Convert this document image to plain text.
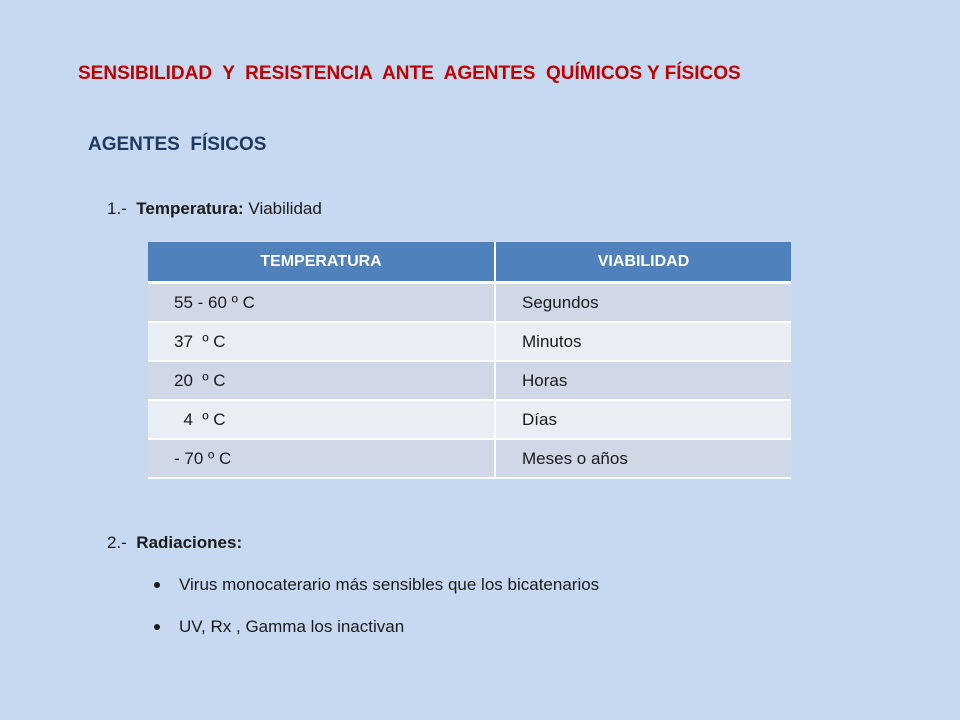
SENSIBILIDAD  Y  RESISTENCIA  ANTE  AGENTES  QUÍMICOS Y FÍSICOS
AGENTES  FÍSICOS
1.-  Temperatura: Viabilidad
TEMPERATURA	VIABILIDAD
55 - 60 º C	Segundos
37  º C	Minutos
20  º C	Horas
4  º C	Días
- 70 º C	Meses o años
2.-  Radiaciones:
Virus monocaterario más sensibles que los bicatenarios
UV, Rx , Gamma los inactivan
